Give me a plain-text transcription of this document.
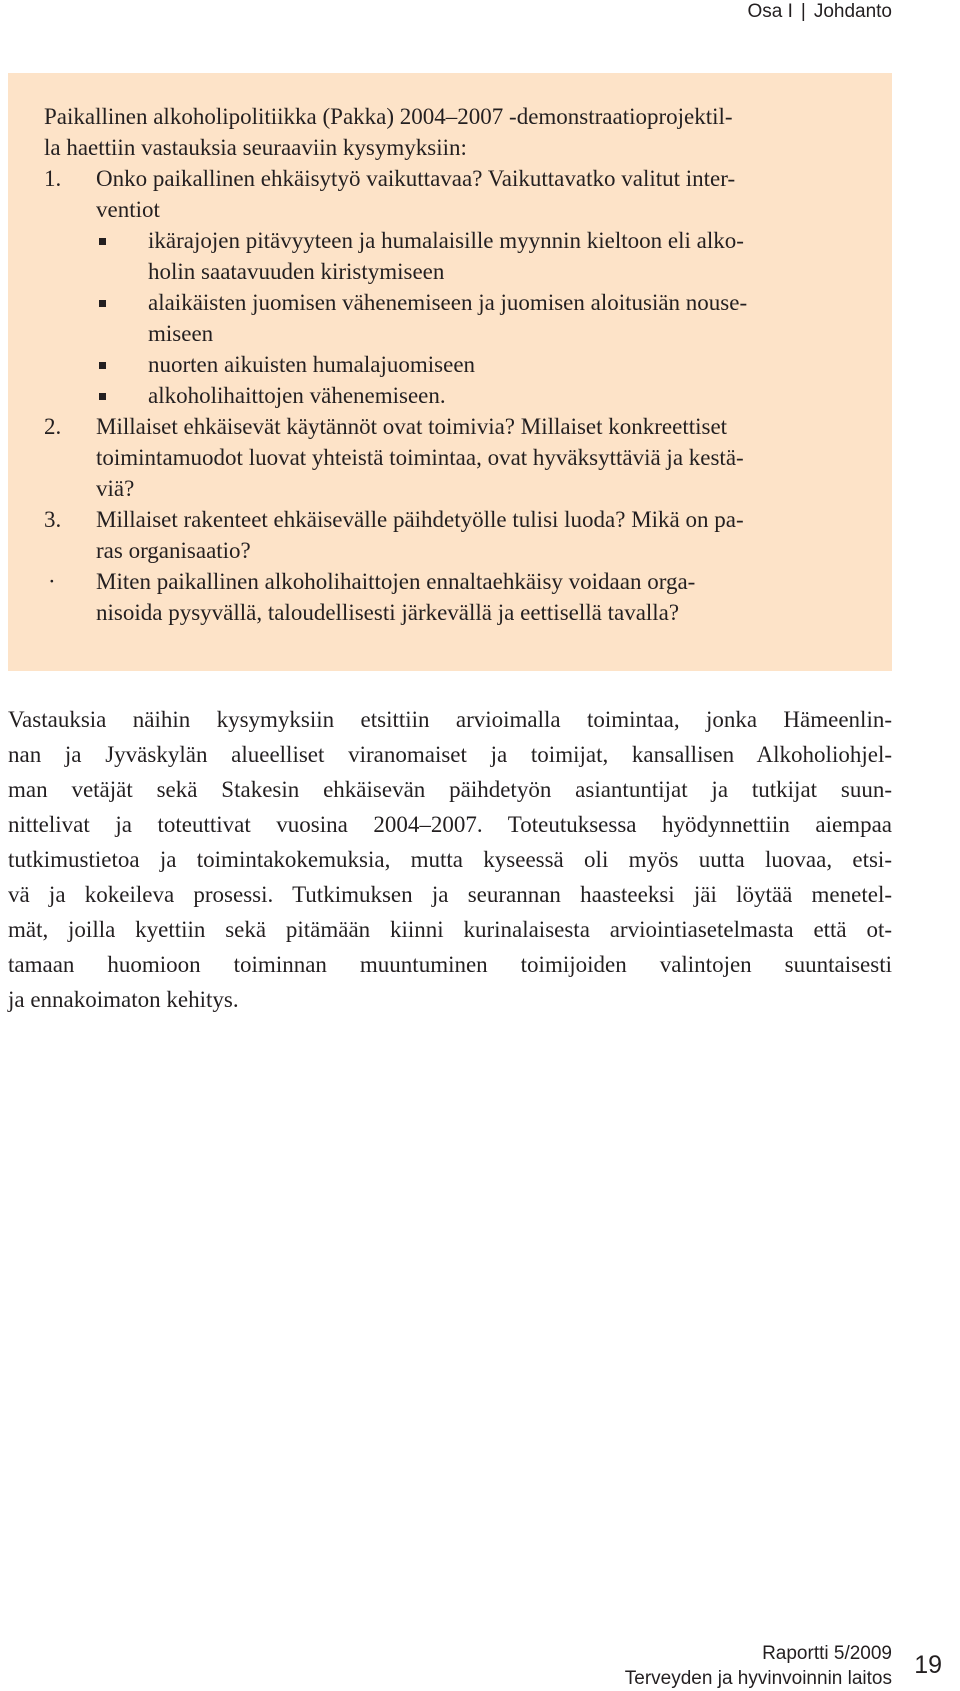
Osa I | Johdanto
Paikallinen alkoholipolitiikka (Pakka) 2004–2007 -demonstraatioprojektil-
la haettiin vastauksia seuraaviin kysymyksiin:
1.	Onko paikallinen ehkäisytyö vaikuttavaa? Vaikuttavatko valitut inter-
ventiot
ikärajojen pitävyyteen ja humalaisille myynnin kieltoon eli alko-
holin saatavuuden kiristymiseen
alaikäisten juomisen vähenemiseen ja juomisen aloitusiän nouse-
miseen
nuorten aikuisten humalajuomiseen
alkoholihaittojen vähenemiseen.
2.	Millaiset ehkäisevät käytännöt ovat toimivia? Millaiset konkreettiset
toimintamuodot luovat yhteistä toimintaa, ovat hyväksyttäviä ja kestä-
viä?
3.	Millaiset rakenteet ehkäisevälle päihdetyölle tulisi luoda? Mikä on pa-
ras organisaatio?
· Miten paikallinen alkoholihaittojen ennaltaehkäisy voidaan orga-
nisoida pysyvällä, taloudellisesti järkevällä ja eettisellä tavalla?
Vastauksia näihin kysymyksiin etsittiin arvioimalla toimintaa, jonka Hämeenlin-
nan ja Jyväskylän alueelliset viranomaiset ja toimijat, kansallisen Alkoholiohjel-
man vetäjät sekä Stakesin ehkäisevän päihdetyön asiantuntijat ja tutkijat suun-
nittelivat ja toteuttivat vuosina 2004–2007. Toteutuksessa hyödynnettiin aiempaa
tutkimustietoa ja toimintakokemuksia, mutta kyseessä oli myös uutta luovaa, etsi-
vä ja kokeileva prosessi. Tutkimuksen ja seurannan haasteeksi jäi löytää menetel-
mät, joilla kyettiin sekä pitämään kiinni kurinalaisesta arviointiasetelmasta että ot-
tamaan huomioon toiminnan muuntuminen toimijoiden valintojen suuntaisesti
ja ennakoimaton kehitys.
Raportti 5/2009
Terveyden ja hyvinvoinnin laitos 19
